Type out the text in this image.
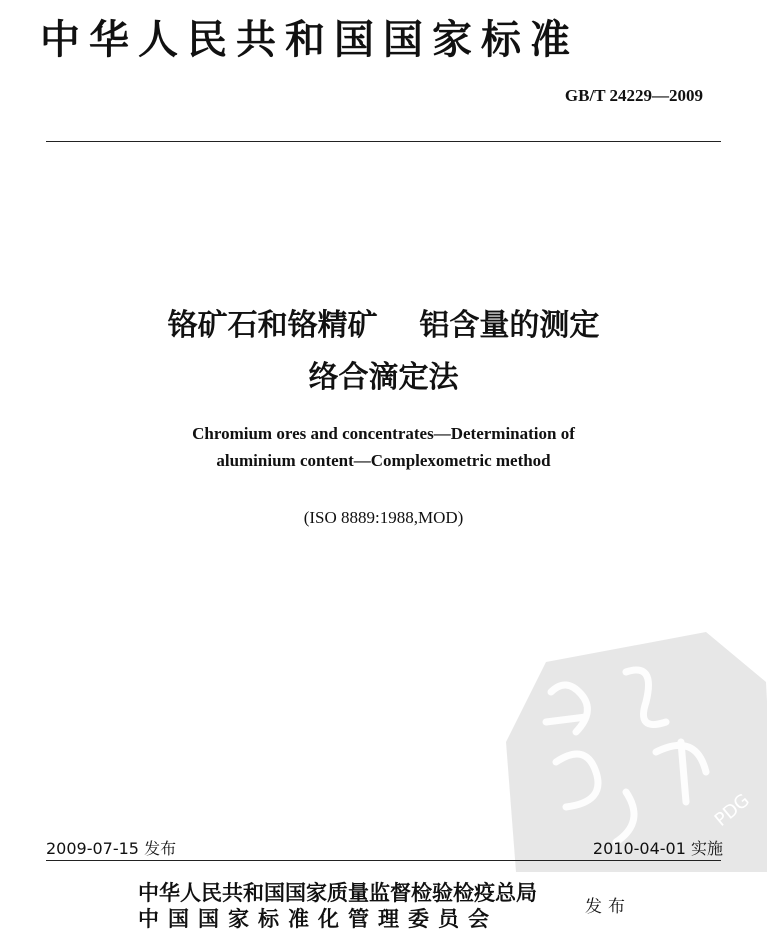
中华人民共和国国家标准
GB/T 24229—2009
铬矿石和铬精矿    铝含量的测定
络合滴定法
Chromium ores and concentrates—Determination of
aluminium content—Complexometric method
(ISO 8889:1988,MOD)
PDG
2009-07-15 发布	2010-04-01 实施
中华人民共和国国家质量监督检验检疫总局
中国国家标准化管理委员会	发布
